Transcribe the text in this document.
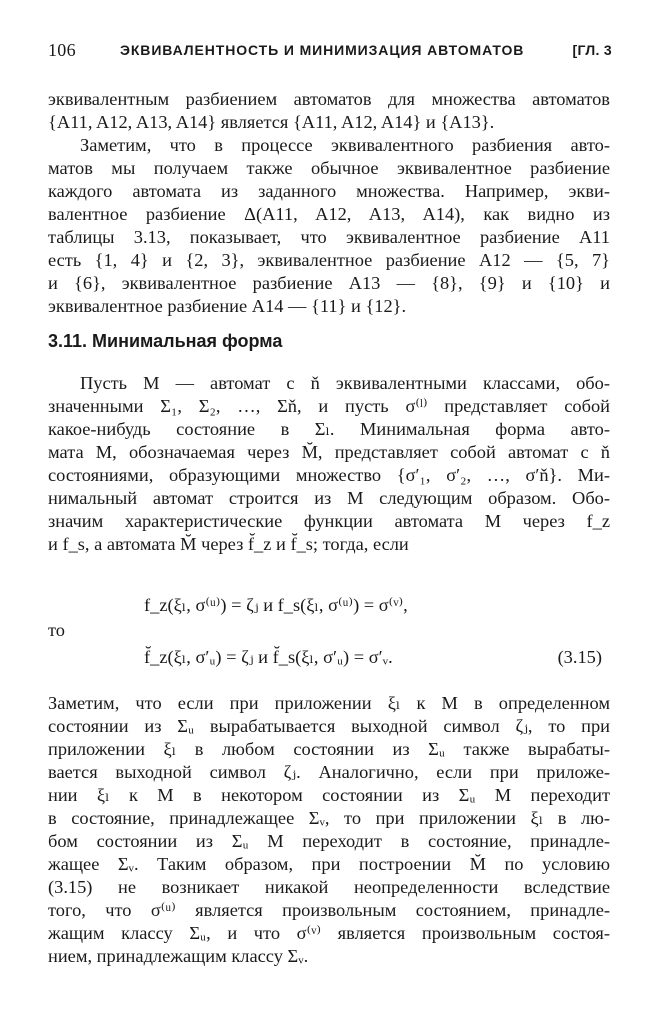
106	ЭКВИВАЛЕНТНОСТЬ И МИНИМИЗАЦИЯ АВТОМАТОВ	[ГЛ. 3
эквивалентным разбиением автоматов для множества автоматов
{A11, A12, A13, A14} является {A11, A12, A14} и {A13}.
Заметим, что в процессе эквивалентного разбиения авто-
матов мы получаем также обычное эквивалентное разбиение
каждого автомата из заданного множества. Например, экви-
валентное разбиение Δ(A11, A12, A13, A14), как видно из
таблицы 3.13, показывает, что эквивалентное разбиение A11
есть {1, 4} и {2, 3}, эквивалентное разбиение A12 — {5, 7}
и {6}, эквивалентное разбиение A13 — {8}, {9} и {10} и
эквивалентное разбиение A14 — {11} и {12}.
3.11. Минимальная форма
Пусть M — автомат с ň эквивалентными классами, обо-
значенными Σ₁, Σ₂, …, Σň, и пусть σ⁽ˡ⁾ представляет собой
какое-нибудь состояние в Σₗ. Минимальная форма авто-
мата M, обозначаемая через M̆, представляет собой автомат с ň
состояниями, образующими множество {σ′₁, σ′₂, …, σ′ň}. Ми-
нимальный автомат строится из M следующим образом. Обо-
значим характеристические функции автомата M через f_z
и f_s, а автомата M̆ через f̆_z и f̆_s; тогда, если
f_z(ξₗ, σ⁽ᵘ⁾) = ζⱼ и f_s(ξₗ, σ⁽ᵘ⁾) = σ⁽ᵛ⁾,
то
f̆_z(ξₗ, σ′ᵤ) = ζⱼ и f̆_s(ξₗ, σ′ᵤ) = σ′ᵥ.	(3.15)
Заметим, что если при приложении ξₗ к M в определенном
состоянии из Σᵤ вырабатывается выходной символ ζⱼ, то при
приложении ξₗ в любом состоянии из Σᵤ также вырабаты-
вается выходной символ ζⱼ. Аналогично, если при приложе-
нии ξₗ к M в некотором состоянии из Σᵤ M переходит
в состояние, принадлежащее Σᵥ, то при приложении ξₗ в лю-
бом состоянии из Σᵤ M переходит в состояние, принадле-
жащее Σᵥ. Таким образом, при построении M̆ по условию
(3.15) не возникает никакой неопределенности вследствие
того, что σ⁽ᵘ⁾ является произвольным состоянием, принадле-
жащим классу Σᵤ, и что σ⁽ᵛ⁾ является произвольным состоя-
нием, принадлежащим классу Σᵥ.
